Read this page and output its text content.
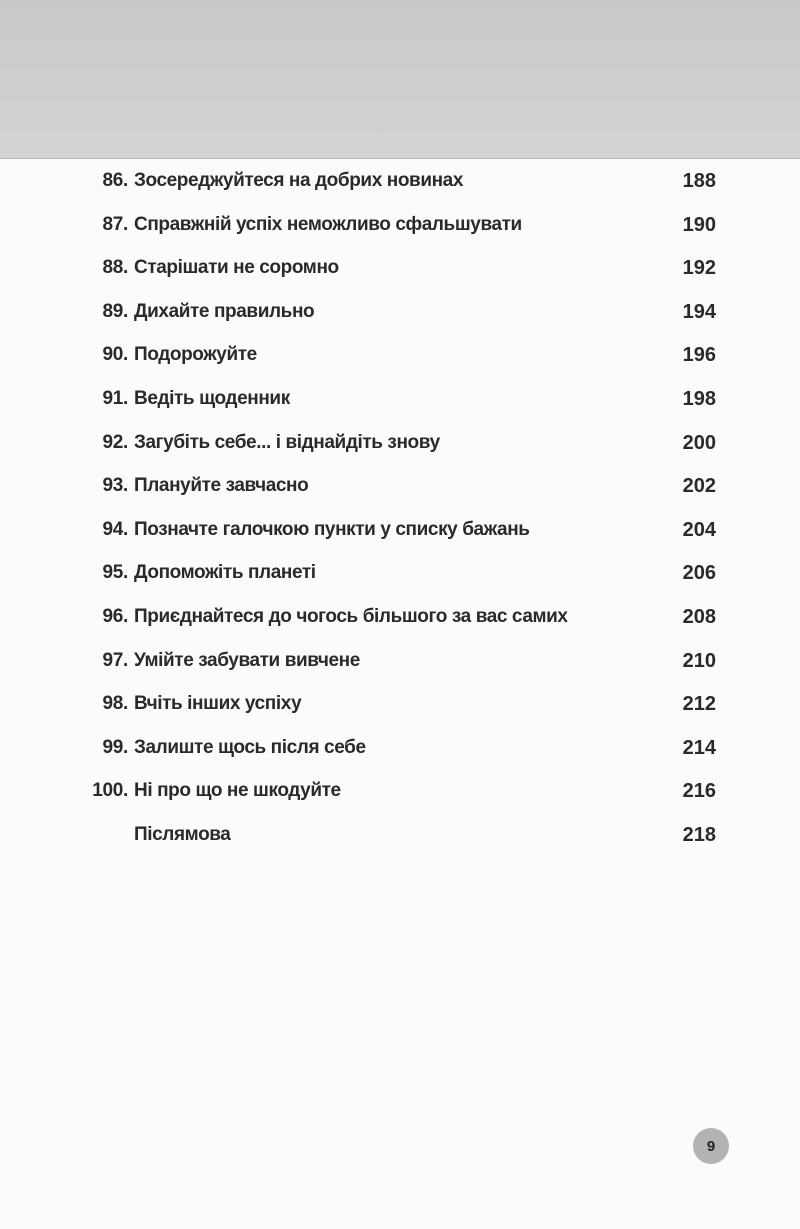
86. Зосереджуйтеся на добрих новинах	188
87. Справжній успіх неможливо сфальшувати	190
88. Старішати не соромно	192
89. Дихайте правильно	194
90. Подорожуйте	196
91. Ведіть щоденник	198
92. Загубіть себе... і віднайдіть знову	200
93. Плануйте завчасно	202
94. Позначте галочкою пункти у списку бажань	204
95. Допоможіть планеті	206
96. Приєднайтеся до чогось більшого за вас самих	208
97. Умійте забувати вивчене	210
98. Вчіть інших успіху	212
99. Залиште щось після себе	214
100. Ні про що не шкодуйте	216
Післямова	218
9
